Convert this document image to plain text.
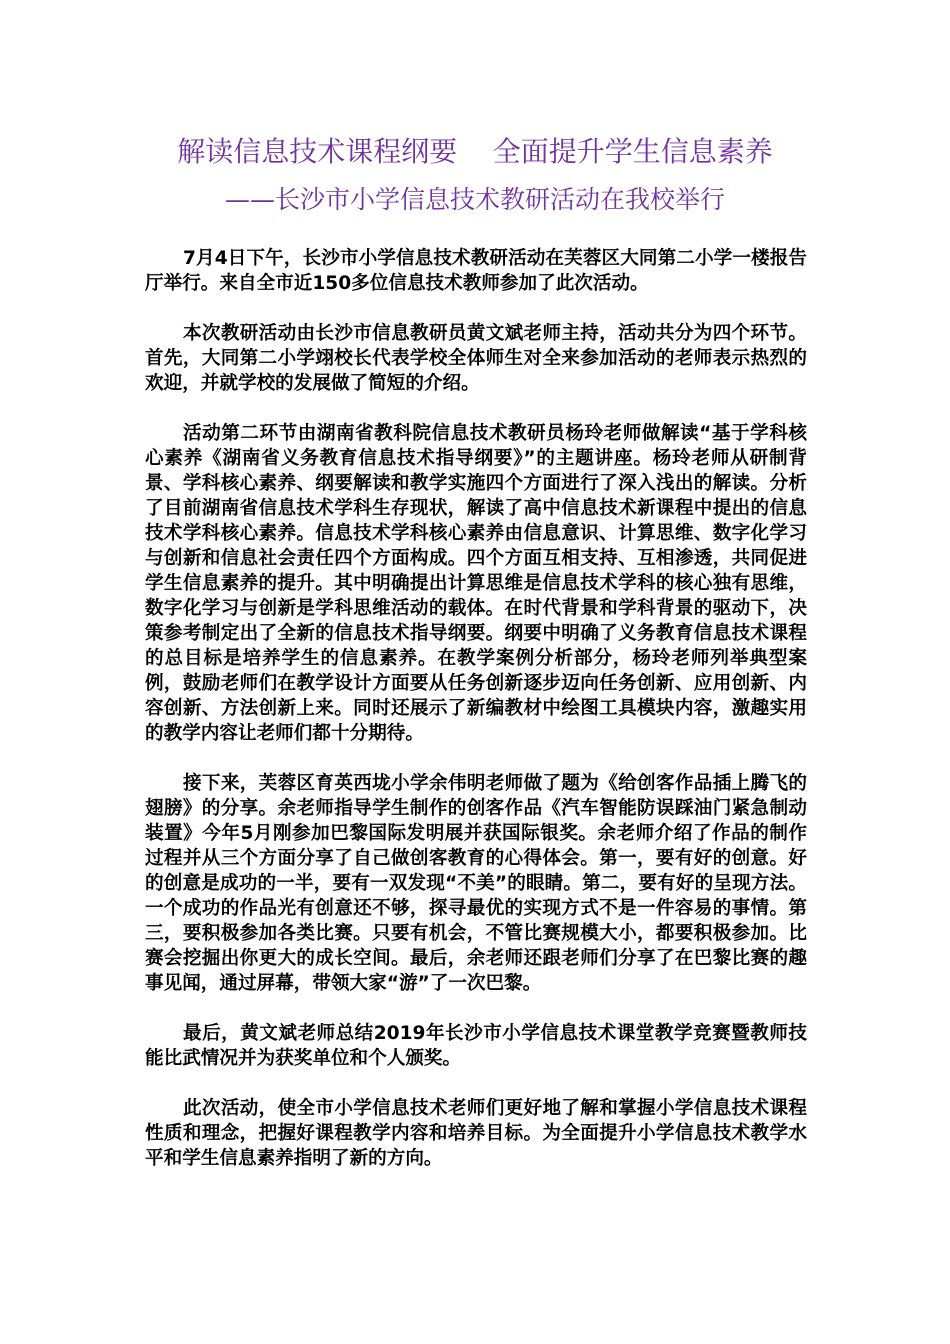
解读信息技术课程纲要    全面提升学生信息素养
——长沙市小学信息技术教研活动在我校举行

7月4日下午，长沙市小学信息技术教研活动在芙蓉区大同第二小学一楼报告厅举行。来自全市近150多位信息技术教师参加了此次活动。

本次教研活动由长沙市信息教研员黄文斌老师主持，活动共分为四个环节。首先，大同第二小学翊校长代表学校全体师生对全来参加活动的老师表示热烈的欢迎，并就学校的发展做了简短的介绍。

活动第二环节由湖南省教科院信息技术教研员杨玲老师做解读“基于学科核心素养《湖南省义务教育信息技术指导纲要》”的主题讲座。杨玲老师从研制背景、学科核心素养、纲要解读和教学实施四个方面进行了深入浅出的解读。分析了目前湖南省信息技术学科生存现状，解读了高中信息技术新课程中提出的信息技术学科核心素养。信息技术学科核心素养由信息意识、计算思维、数字化学习与创新和信息社会责任四个方面构成。四个方面互相支持、互相渗透，共同促进学生信息素养的提升。其中明确提出计算思维是信息技术学科的核心独有思维，数字化学习与创新是学科思维活动的载体。在时代背景和学科背景的驱动下，决策参考制定出了全新的信息技术指导纲要。纲要中明确了义务教育信息技术课程的总目标是培养学生的信息素养。在教学案例分析部分，杨玲老师列举典型案例，鼓励老师们在教学设计方面要从任务创新逐步迈向任务创新、应用创新、内容创新、方法创新上来。同时还展示了新编教材中绘图工具模块内容，激趣实用的教学内容让老师们都十分期待。

接下来，芙蓉区育英西垅小学余伟明老师做了题为《给创客作品插上腾飞的翅膀》的分享。余老师指导学生制作的创客作品《汽车智能防误踩油门紧急制动装置》今年5月刚参加巴黎国际发明展并获国际银奖。余老师介绍了作品的制作过程并从三个方面分享了自己做创客教育的心得体会。第一，要有好的创意。好的创意是成功的一半，要有一双发现“不美”的眼睛。第二，要有好的呈现方法。一个成功的作品光有创意还不够，探寻最优的实现方式不是一件容易的事情。第三，要积极参加各类比赛。只要有机会，不管比赛规模大小，都要积极参加。比赛会挖掘出你更大的成长空间。最后，余老师还跟老师们分享了在巴黎比赛的趣事见闻，通过屏幕，带领大家“游”了一次巴黎。

最后，黄文斌老师总结2019年长沙市小学信息技术课堂教学竞赛暨教师技能比武情况并为获奖单位和个人颁奖。

此次活动，使全市小学信息技术老师们更好地了解和掌握小学信息技术课程性质和理念，把握好课程教学内容和培养目标。为全面提升小学信息技术教学水平和学生信息素养指明了新的方向。
